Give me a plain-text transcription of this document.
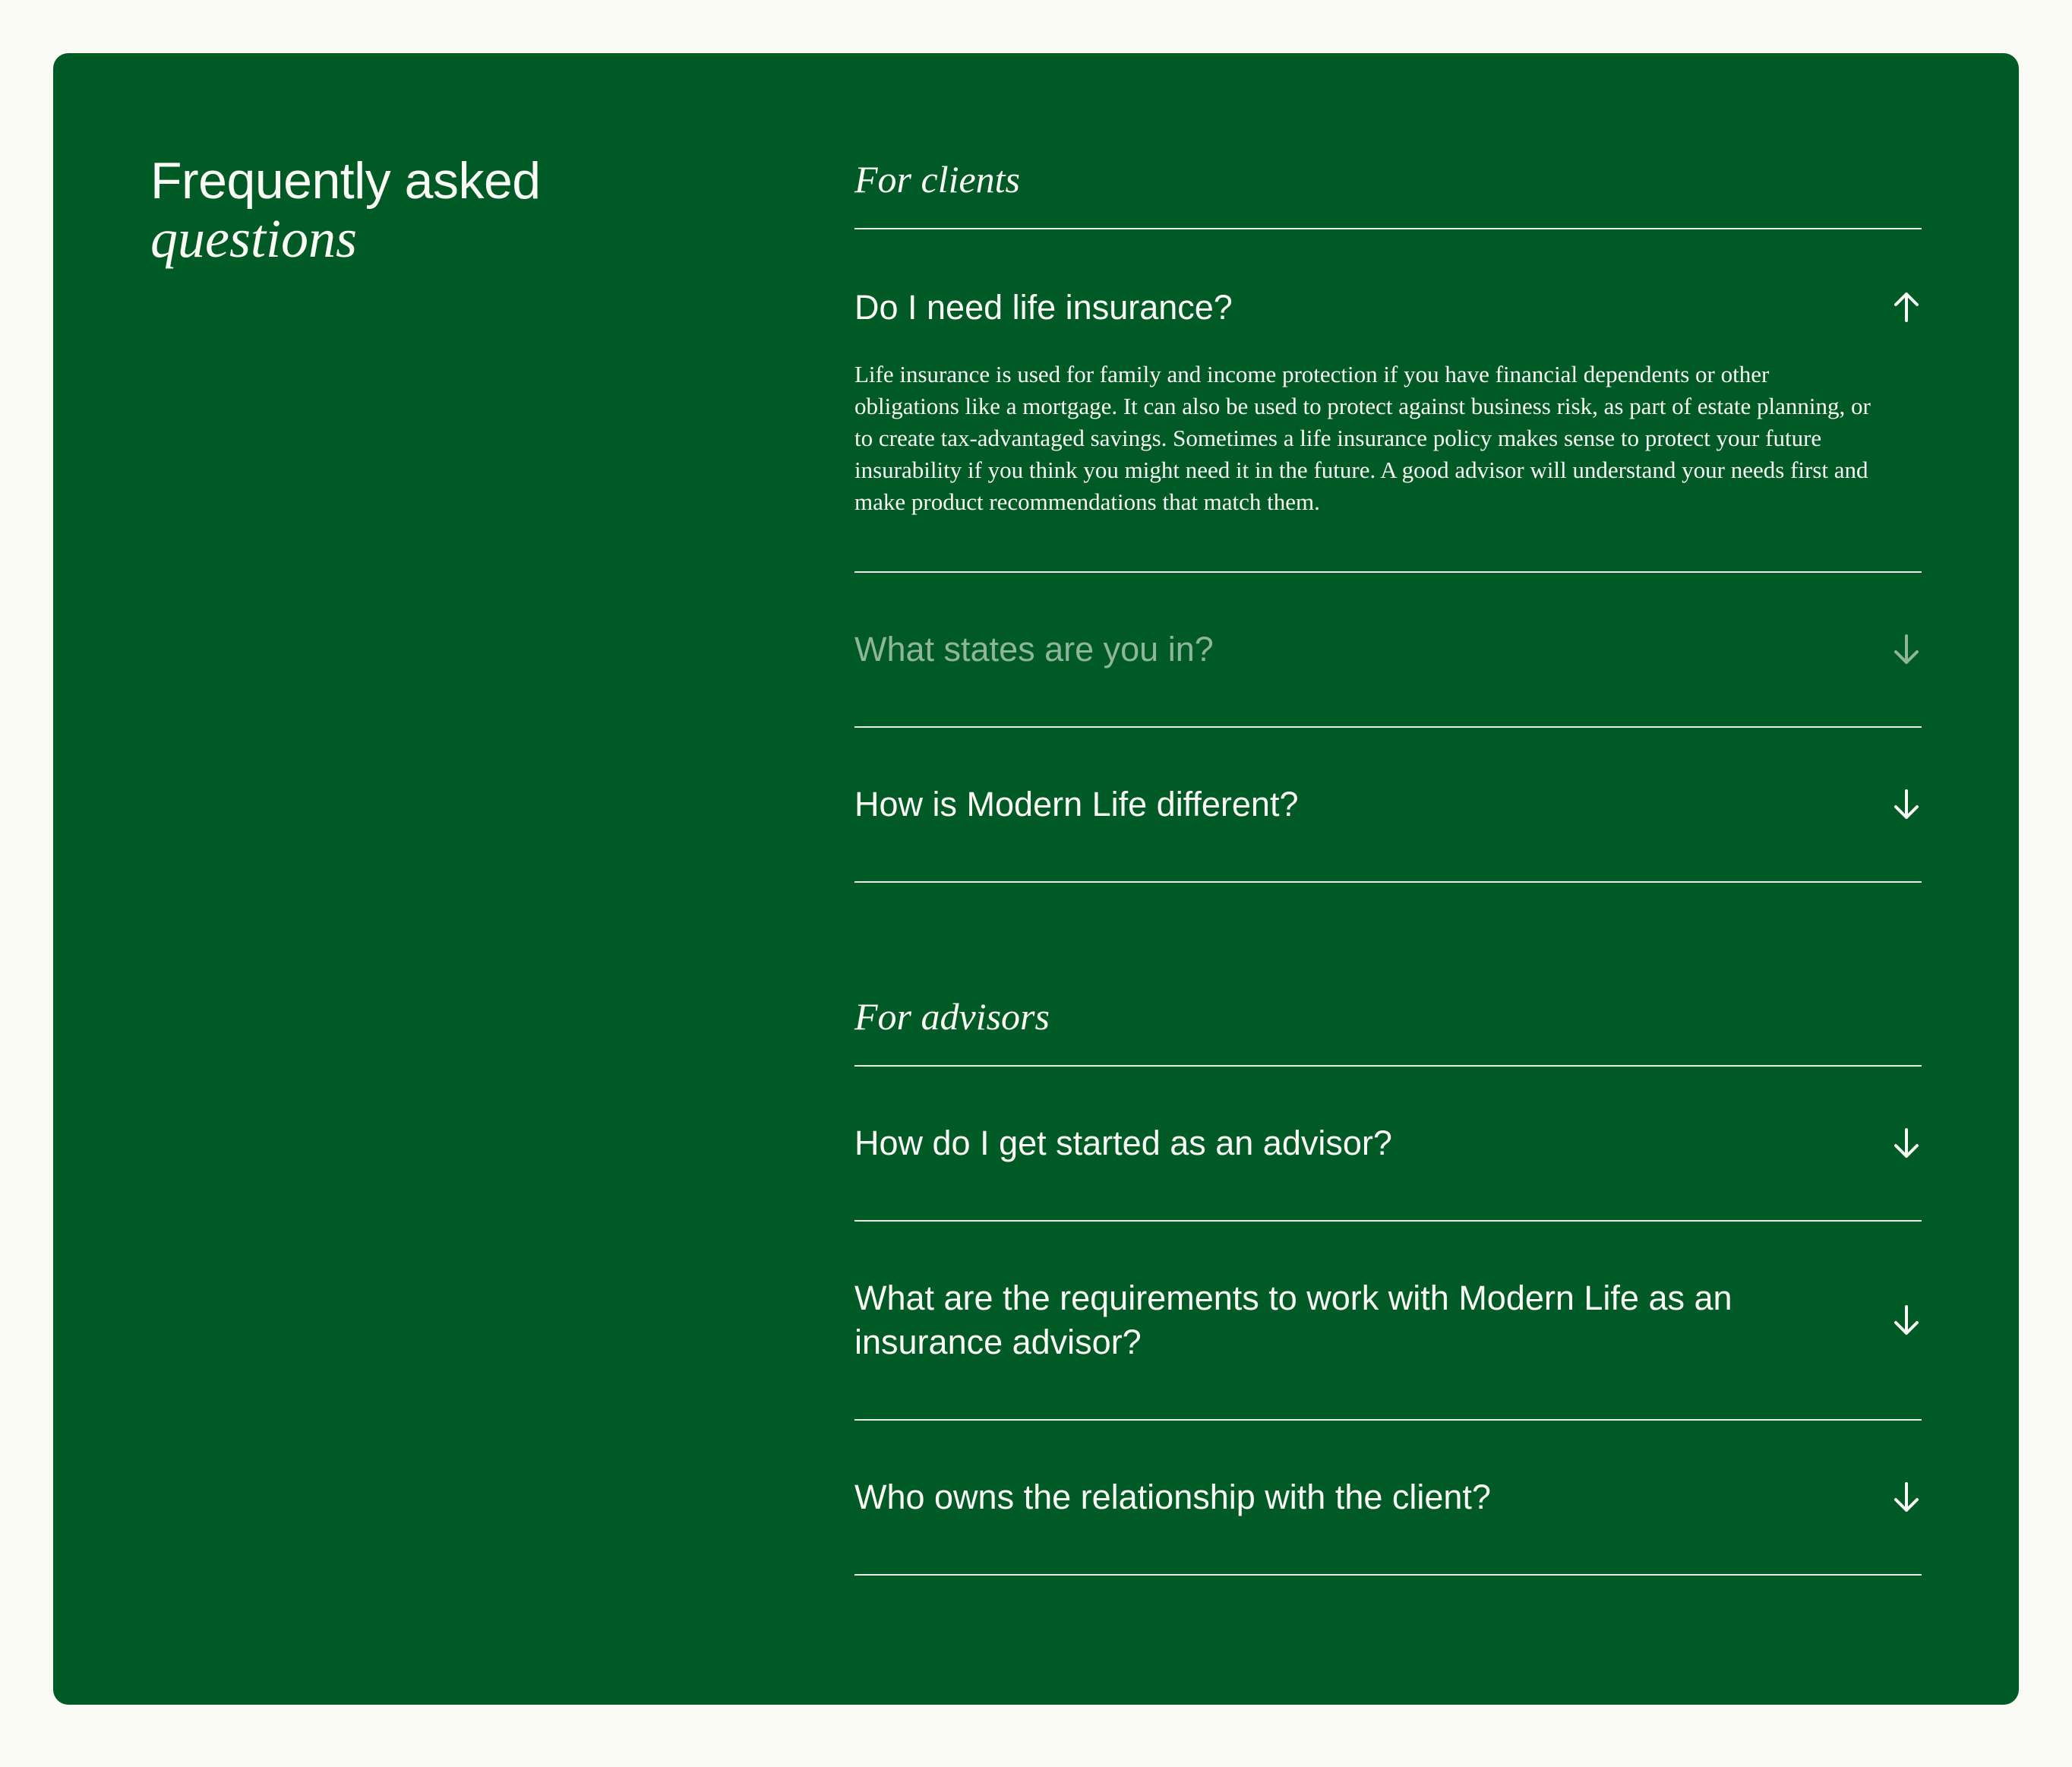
Frequently asked
questions
For clients
Do I need life insurance?

Life insurance is used for family and income protection if you have financial dependents or other obligations like a mortgage. It can also be used to protect against business risk, as part of estate planning, or to create tax-advantaged savings. Sometimes a life insurance policy makes sense to protect your future insurability if you think you might need it in the future. A good advisor will understand your needs first and make product recommendations that match them.

What states are you in?
How is Modern Life different?
For advisors
How do I get started as an advisor?
What are the requirements to work with Modern Life as an insurance advisor?
Who owns the relationship with the client?
